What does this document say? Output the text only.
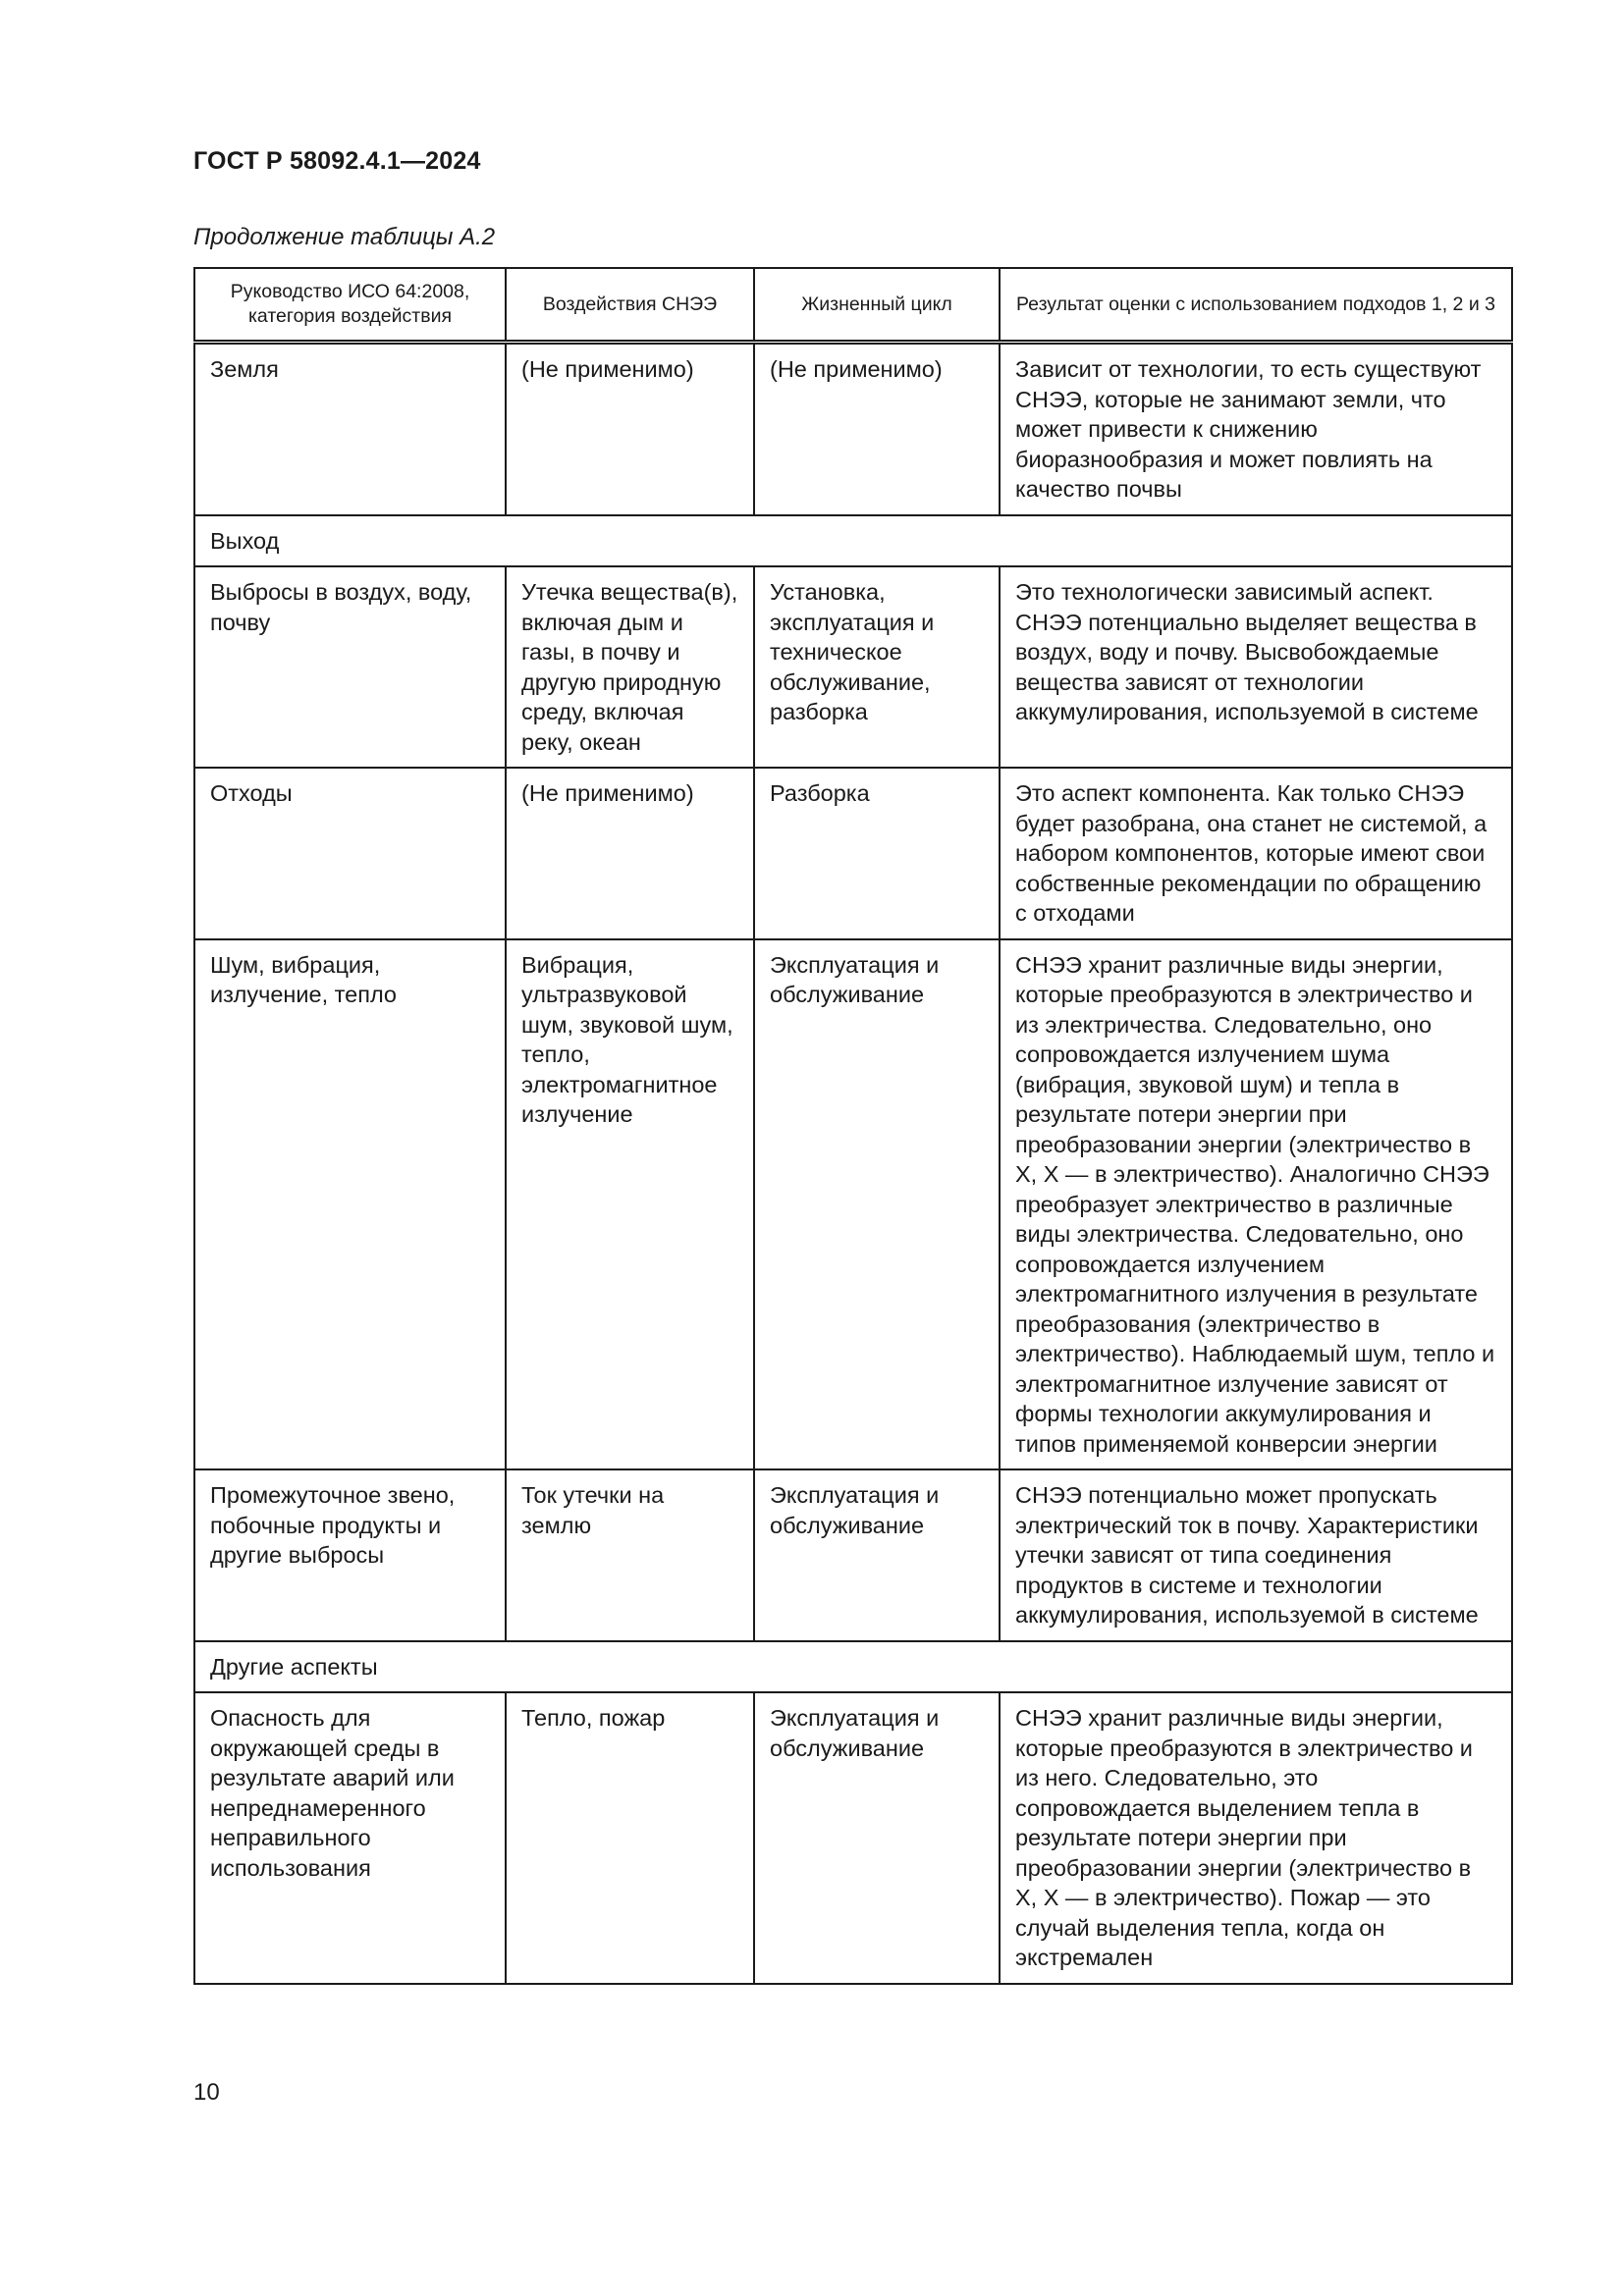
ГОСТ Р 58092.4.1—2024

Продолжение таблицы А.2

Руководство ИСО 64:2008, категория воздействия	Воздействия СНЭЭ	Жизненный цикл	Результат оценки с использованием подходов 1, 2 и 3
Земля	(Не применимо)	(Не применимо)	Зависит от технологии, то есть существуют СНЭЭ, которые не занимают земли, что может привести к снижению биоразнообразия и может повлиять на качество почвы
Выход			
Выбросы в воздух, воду, почву	Утечка вещества(в), включая дым и газы, в почву и другую природную среду, включая реку, океан	Установка, эксплуатация и техническое обслуживание, разборка	Это технологически зависимый аспект. СНЭЭ потенциально выделяет вещества в воздух, воду и почву. Высвобождаемые вещества зависят от технологии аккумулирования, используемой в системе
Отходы	(Не применимо)	Разборка	Это аспект компонента. Как только СНЭЭ будет разобрана, она станет не системой, а набором компонентов, которые имеют свои собственные рекомендации по обращению с отходами
Шум, вибрация, излучение, тепло	Вибрация, ультразвуковой шум, звуковой шум, тепло, электромагнитное излучение	Эксплуатация и обслуживание	СНЭЭ хранит различные виды энергии, которые преобразуются в электричество и из электричества. Следовательно, оно сопровождается излучением шума (вибрация, звуковой шум) и тепла в результате потери энергии при преобразовании энергии (электричество в X, X — в электричество). Аналогично СНЭЭ преобразует электричество в различные виды электричества. Следовательно, оно сопровождается излучением электромагнитного излучения в результате преобразования (электричество в электричество). Наблюдаемый шум, тепло и электромагнитное излучение зависят от формы технологии аккумулирования и типов применяемой конверсии энергии
Промежуточное звено, побочные продукты и другие выбросы	Ток утечки на землю	Эксплуатация и обслуживание	СНЭЭ потенциально может пропускать электрический ток в почву. Характеристики утечки зависят от типа соединения продуктов в системе и технологии аккумулирования, используемой в системе
Другие аспекты			
Опасность для окружающей среды в результате аварий или непреднамеренного неправильного использования	Тепло, пожар	Эксплуатация и обслуживание	СНЭЭ хранит различные виды энергии, которые преобразуются в электричество и из него. Следовательно, это сопровождается выделением тепла в результате потери энергии при преобразовании энергии (электричество в X, X — в электричество). Пожар — это случай выделения тепла, когда он экстремален

10
